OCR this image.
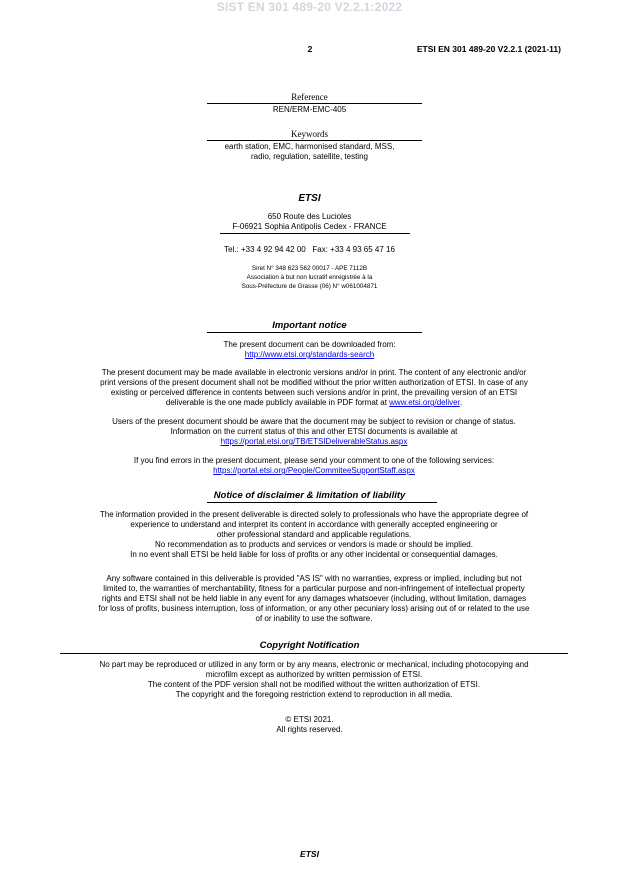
SIST EN 301 489-20 V2.2.1:2022
2	ETSI EN 301 489-20 V2.2.1 (2021-11)
Reference
REN/ERM-EMC-405
Keywords
earth station, EMC, harmonised standard, MSS,
radio, regulation, satellite, testing
ETSI
650 Route des Lucioles
F-06921 Sophia Antipolis Cedex - FRANCE
Tel.: +33 4 92 94 42 00   Fax: +33 4 93 65 47 16
Siret N° 348 623 562 00017 - APE 7112B
Association à but non lucratif enregistrée à la
Sous-Préfecture de Grasse (06) N° w061004871
Important notice
The present document can be downloaded from:
http://www.etsi.org/standards-search
The present document may be made available in electronic versions and/or in print. The content of any electronic and/or
print versions of the present document shall not be modified without the prior written authorization of ETSI. In case of any
existing or perceived difference in contents between such versions and/or in print, the prevailing version of an ETSI
deliverable is the one made publicly available in PDF format at www.etsi.org/deliver.
Users of the present document should be aware that the document may be subject to revision or change of status.
Information on the current status of this and other ETSI documents is available at
https://portal.etsi.org/TB/ETSIDeliverableStatus.aspx
If you find errors in the present document, please send your comment to one of the following services:
https://portal.etsi.org/People/CommiteeSupportStaff.aspx
Notice of disclaimer & limitation of liability
The information provided in the present deliverable is directed solely to professionals who have the appropriate degree of
experience to understand and interpret its content in accordance with generally accepted engineering or
other professional standard and applicable regulations.
No recommendation as to products and services or vendors is made or should be implied.
In no event shall ETSI be held liable for loss of profits or any other incidental or consequential damages.
Any software contained in this deliverable is provided "AS IS" with no warranties, express or implied, including but not
limited to, the warranties of merchantability, fitness for a particular purpose and non-infringement of intellectual property
rights and ETSI shall not be held liable in any event for any damages whatsoever (including, without limitation, damages
for loss of profits, business interruption, loss of information, or any other pecuniary loss) arising out of or related to the use
of or inability to use the software.
Copyright Notification
No part may be reproduced or utilized in any form or by any means, electronic or mechanical, including photocopying and
microfilm except as authorized by written permission of ETSI.
The content of the PDF version shall not be modified without the written authorization of ETSI.
The copyright and the foregoing restriction extend to reproduction in all media.
© ETSI 2021.
All rights reserved.
ETSI
